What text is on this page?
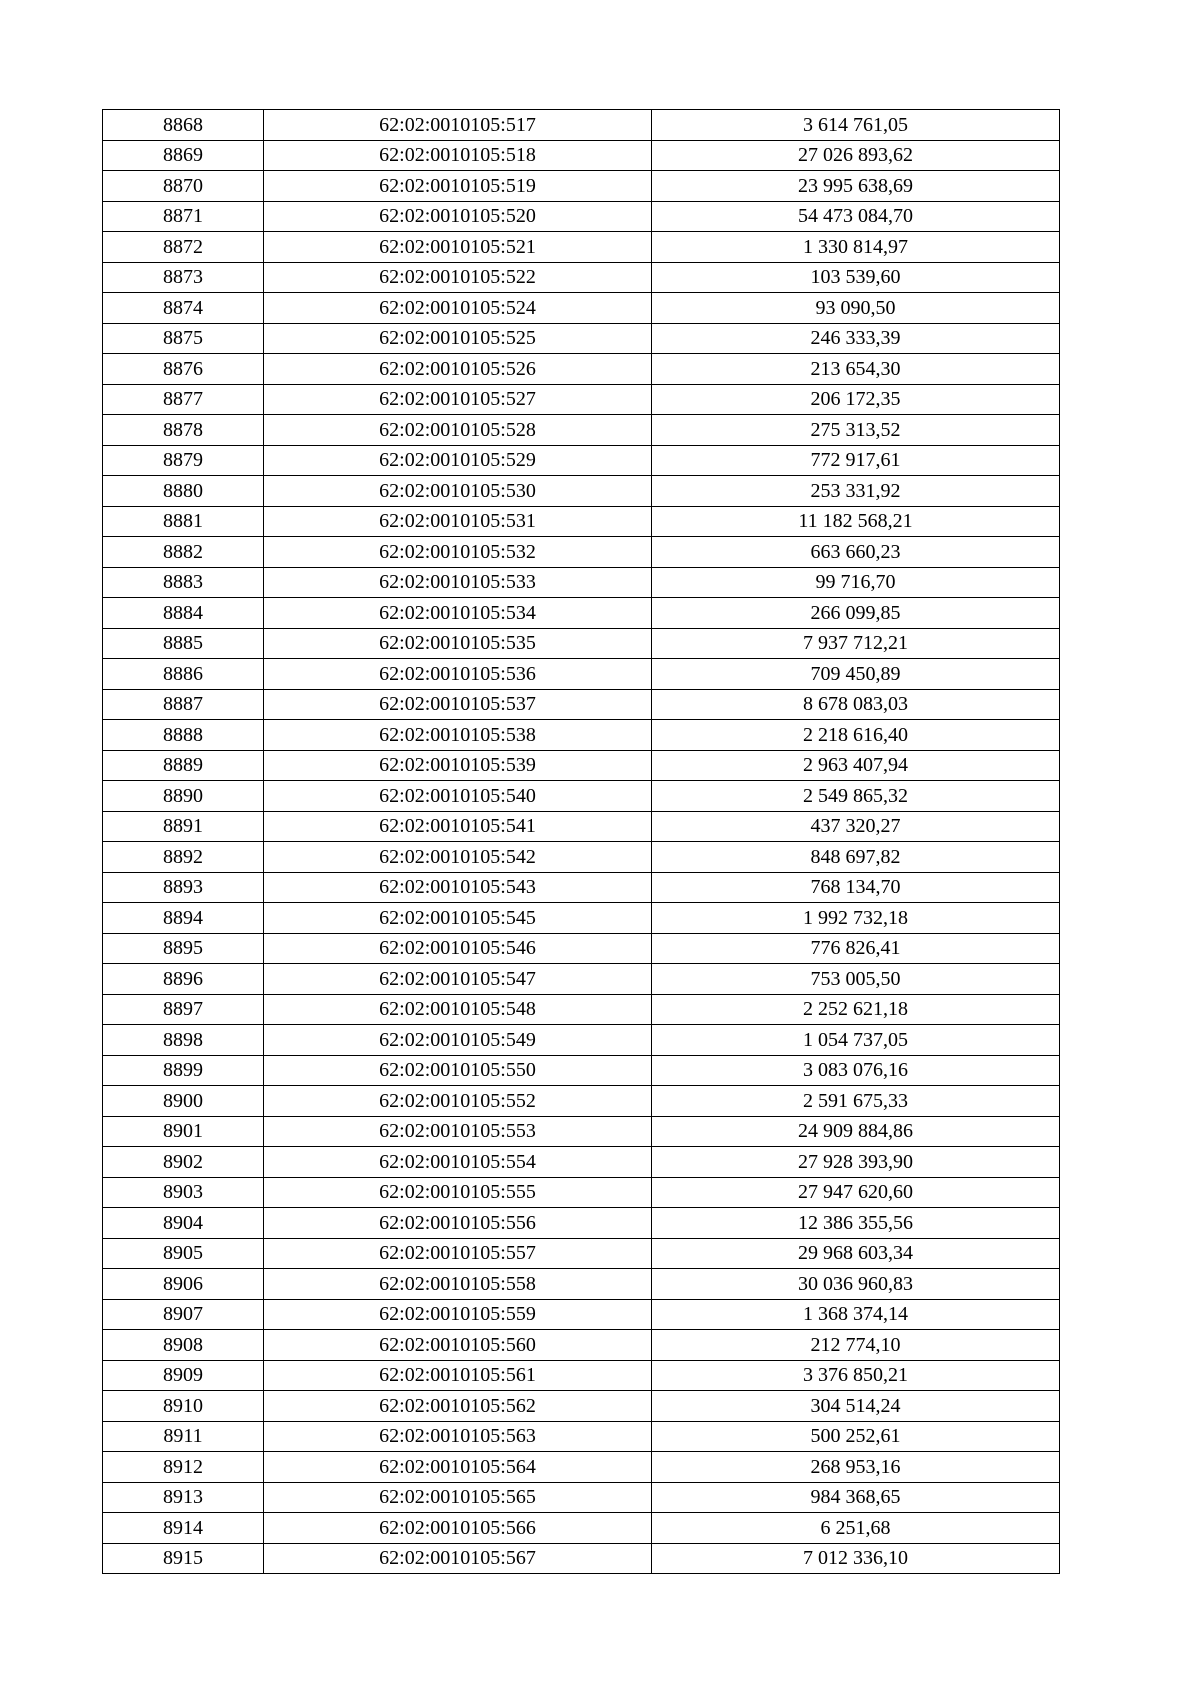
8868	62:02:0010105:517	3 614 761,05
8869	62:02:0010105:518	27 026 893,62
8870	62:02:0010105:519	23 995 638,69
8871	62:02:0010105:520	54 473 084,70
8872	62:02:0010105:521	1 330 814,97
8873	62:02:0010105:522	103 539,60
8874	62:02:0010105:524	93 090,50
8875	62:02:0010105:525	246 333,39
8876	62:02:0010105:526	213 654,30
8877	62:02:0010105:527	206 172,35
8878	62:02:0010105:528	275 313,52
8879	62:02:0010105:529	772 917,61
8880	62:02:0010105:530	253 331,92
8881	62:02:0010105:531	11 182 568,21
8882	62:02:0010105:532	663 660,23
8883	62:02:0010105:533	99 716,70
8884	62:02:0010105:534	266 099,85
8885	62:02:0010105:535	7 937 712,21
8886	62:02:0010105:536	709 450,89
8887	62:02:0010105:537	8 678 083,03
8888	62:02:0010105:538	2 218 616,40
8889	62:02:0010105:539	2 963 407,94
8890	62:02:0010105:540	2 549 865,32
8891	62:02:0010105:541	437 320,27
8892	62:02:0010105:542	848 697,82
8893	62:02:0010105:543	768 134,70
8894	62:02:0010105:545	1 992 732,18
8895	62:02:0010105:546	776 826,41
8896	62:02:0010105:547	753 005,50
8897	62:02:0010105:548	2 252 621,18
8898	62:02:0010105:549	1 054 737,05
8899	62:02:0010105:550	3 083 076,16
8900	62:02:0010105:552	2 591 675,33
8901	62:02:0010105:553	24 909 884,86
8902	62:02:0010105:554	27 928 393,90
8903	62:02:0010105:555	27 947 620,60
8904	62:02:0010105:556	12 386 355,56
8905	62:02:0010105:557	29 968 603,34
8906	62:02:0010105:558	30 036 960,83
8907	62:02:0010105:559	1 368 374,14
8908	62:02:0010105:560	212 774,10
8909	62:02:0010105:561	3 376 850,21
8910	62:02:0010105:562	304 514,24
8911	62:02:0010105:563	500 252,61
8912	62:02:0010105:564	268 953,16
8913	62:02:0010105:565	984 368,65
8914	62:02:0010105:566	6 251,68
8915	62:02:0010105:567	7 012 336,10
